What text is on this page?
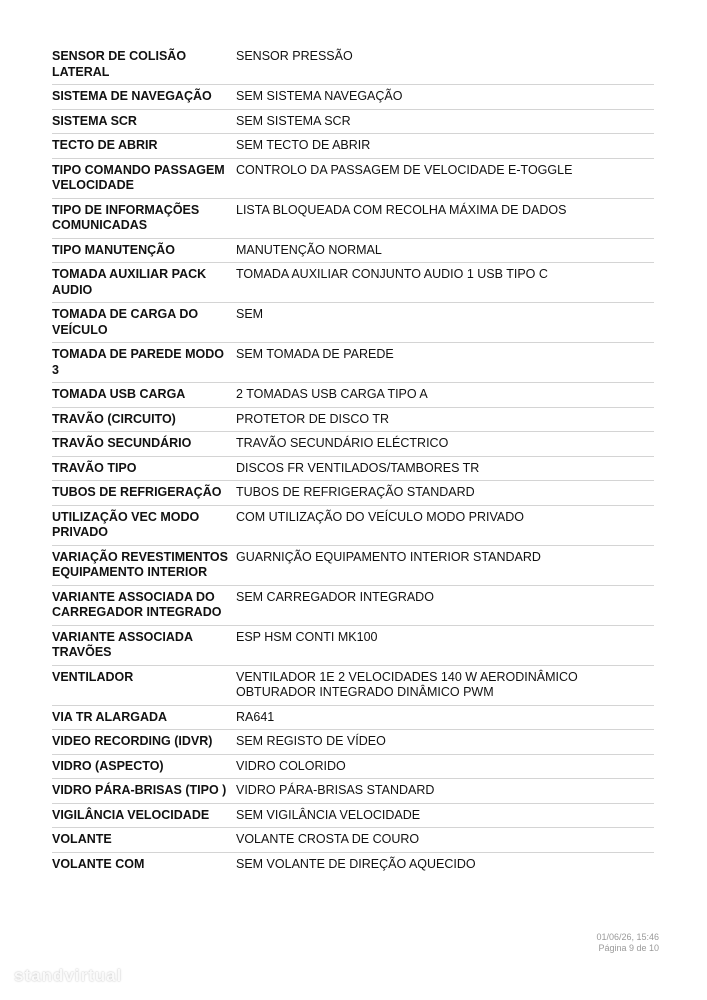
SENSOR DE COLISÃO LATERAL	SENSOR PRESSÃO
SISTEMA DE NAVEGAÇÃO	SEM SISTEMA NAVEGAÇÃO
SISTEMA SCR	SEM SISTEMA SCR
TECTO DE ABRIR	SEM TECTO DE ABRIR
TIPO COMANDO PASSAGEM VELOCIDADE	CONTROLO DA PASSAGEM DE VELOCIDADE E-TOGGLE
TIPO DE INFORMAÇÕES COMUNICADAS	LISTA BLOQUEADA COM RECOLHA MÁXIMA DE DADOS
TIPO MANUTENÇÃO	MANUTENÇÃO NORMAL
TOMADA AUXILIAR PACK AUDIO	TOMADA AUXILIAR CONJUNTO AUDIO 1 USB TIPO C
TOMADA DE CARGA DO VEÍCULO	SEM
TOMADA DE PAREDE MODO 3	SEM TOMADA DE PAREDE
TOMADA USB CARGA	2 TOMADAS USB CARGA TIPO A
TRAVÃO (CIRCUITO)	PROTETOR DE DISCO TR
TRAVÃO SECUNDÁRIO	TRAVÃO SECUNDÁRIO ELÉCTRICO
TRAVÃO TIPO	DISCOS FR VENTILADOS/TAMBORES TR
TUBOS DE REFRIGERAÇÃO	TUBOS DE REFRIGERAÇÃO STANDARD
UTILIZAÇÃO VEC MODO PRIVADO	COM UTILIZAÇÃO DO VEÍCULO MODO PRIVADO
VARIAÇÃO REVESTIMENTOS EQUIPAMENTO INTERIOR	GUARNIÇÃO EQUIPAMENTO INTERIOR STANDARD
VARIANTE ASSOCIADA DO CARREGADOR INTEGRADO	SEM CARREGADOR INTEGRADO
VARIANTE ASSOCIADA TRAVÕES	ESP HSM CONTI MK100
VENTILADOR	VENTILADOR 1E 2 VELOCIDADES 140 W AERODINÂMICO OBTURADOR INTEGRADO DINÂMICO PWM
VIA TR ALARGADA	RA641
VIDEO RECORDING (IDVR)	SEM REGISTO DE VÍDEO
VIDRO (ASPECTO)	VIDRO COLORIDO
VIDRO PÁRA-BRISAS (TIPO )	VIDRO PÁRA-BRISAS STANDARD
VIGILÂNCIA VELOCIDADE	SEM VIGILÂNCIA VELOCIDADE
VOLANTE	VOLANTE CROSTA DE COURO
VOLANTE COM	SEM VOLANTE DE DIREÇÃO AQUECIDO
01/06/26, 15:46
Página 9 de 10
standvirtual
